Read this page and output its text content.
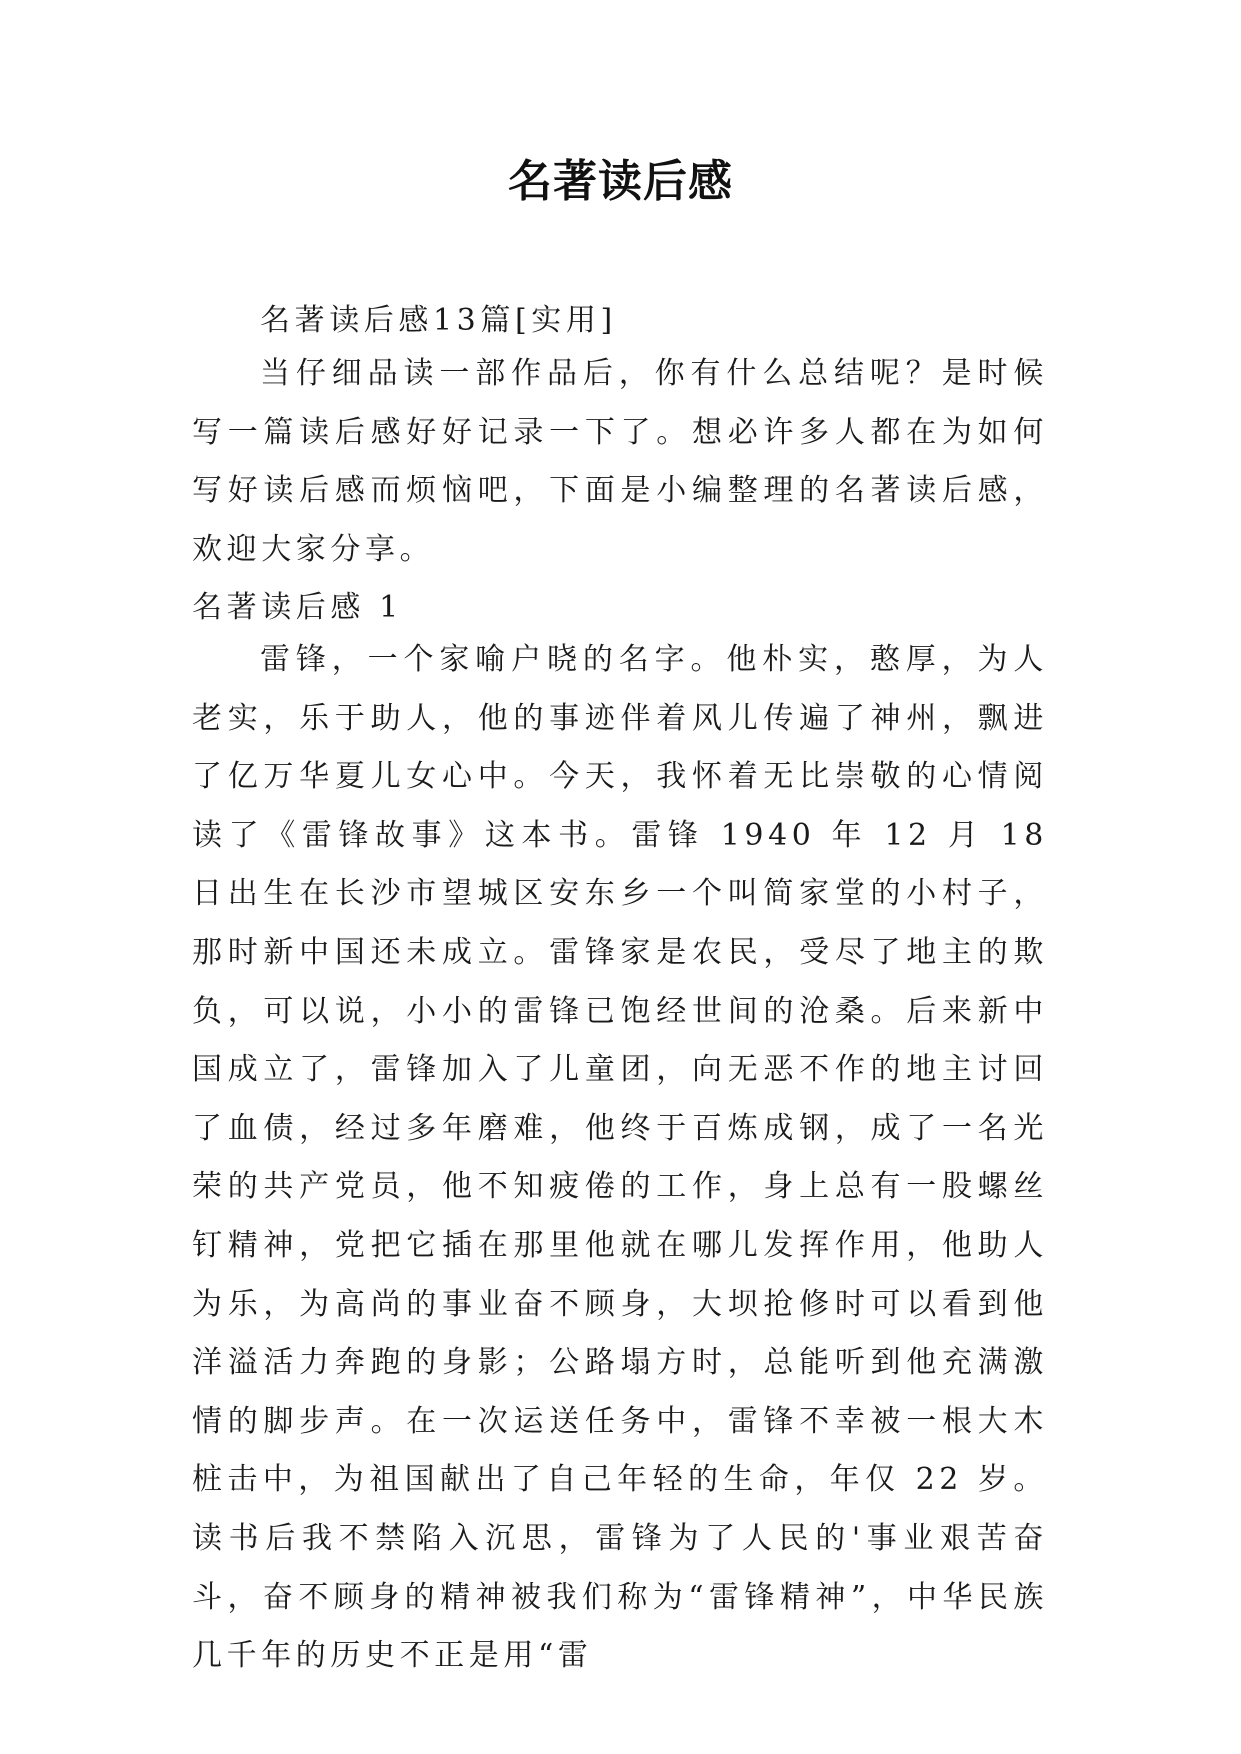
名著读后感

名著读后感13篇[实用]

当仔细品读一部作品后，你有什么总结呢？是时候写一篇读后感好好记录一下了。想必许多人都在为如何写好读后感而烦恼吧，下面是小编整理的名著读后感，欢迎大家分享。

名著读后感 1

雷锋，一个家喻户晓的名字。他朴实，憨厚，为人老实，乐于助人，他的事迹伴着风儿传遍了神州，飘进了亿万华夏儿女心中。今天，我怀着无比崇敬的心情阅读了《雷锋故事》这本书。雷锋 1940 年 12 月 18 日出生在长沙市望城区安东乡一个叫简家堂的小村子，那时新中国还未成立。雷锋家是农民，受尽了地主的欺负，可以说，小小的雷锋已饱经世间的沧桑。后来新中国成立了，雷锋加入了儿童团，向无恶不作的地主讨回了血债，经过多年磨难，他终于百炼成钢，成了一名光荣的共产党员，他不知疲倦的工作，身上总有一股螺丝钉精神，党把它插在那里他就在哪儿发挥作用，他助人为乐，为高尚的事业奋不顾身，大坝抢修时可以看到他洋溢活力奔跑的身影；公路塌方时，总能听到他充满激情的脚步声。在一次运送任务中，雷锋不幸被一根大木桩击中，为祖国献出了自己年轻的生命，年仅 22 岁。读书后我不禁陷入沉思，雷锋为了人民的'事业艰苦奋斗，奋不顾身的精神被我们称为“雷锋精神”，中华民族几千年的历史不正是用“雷
